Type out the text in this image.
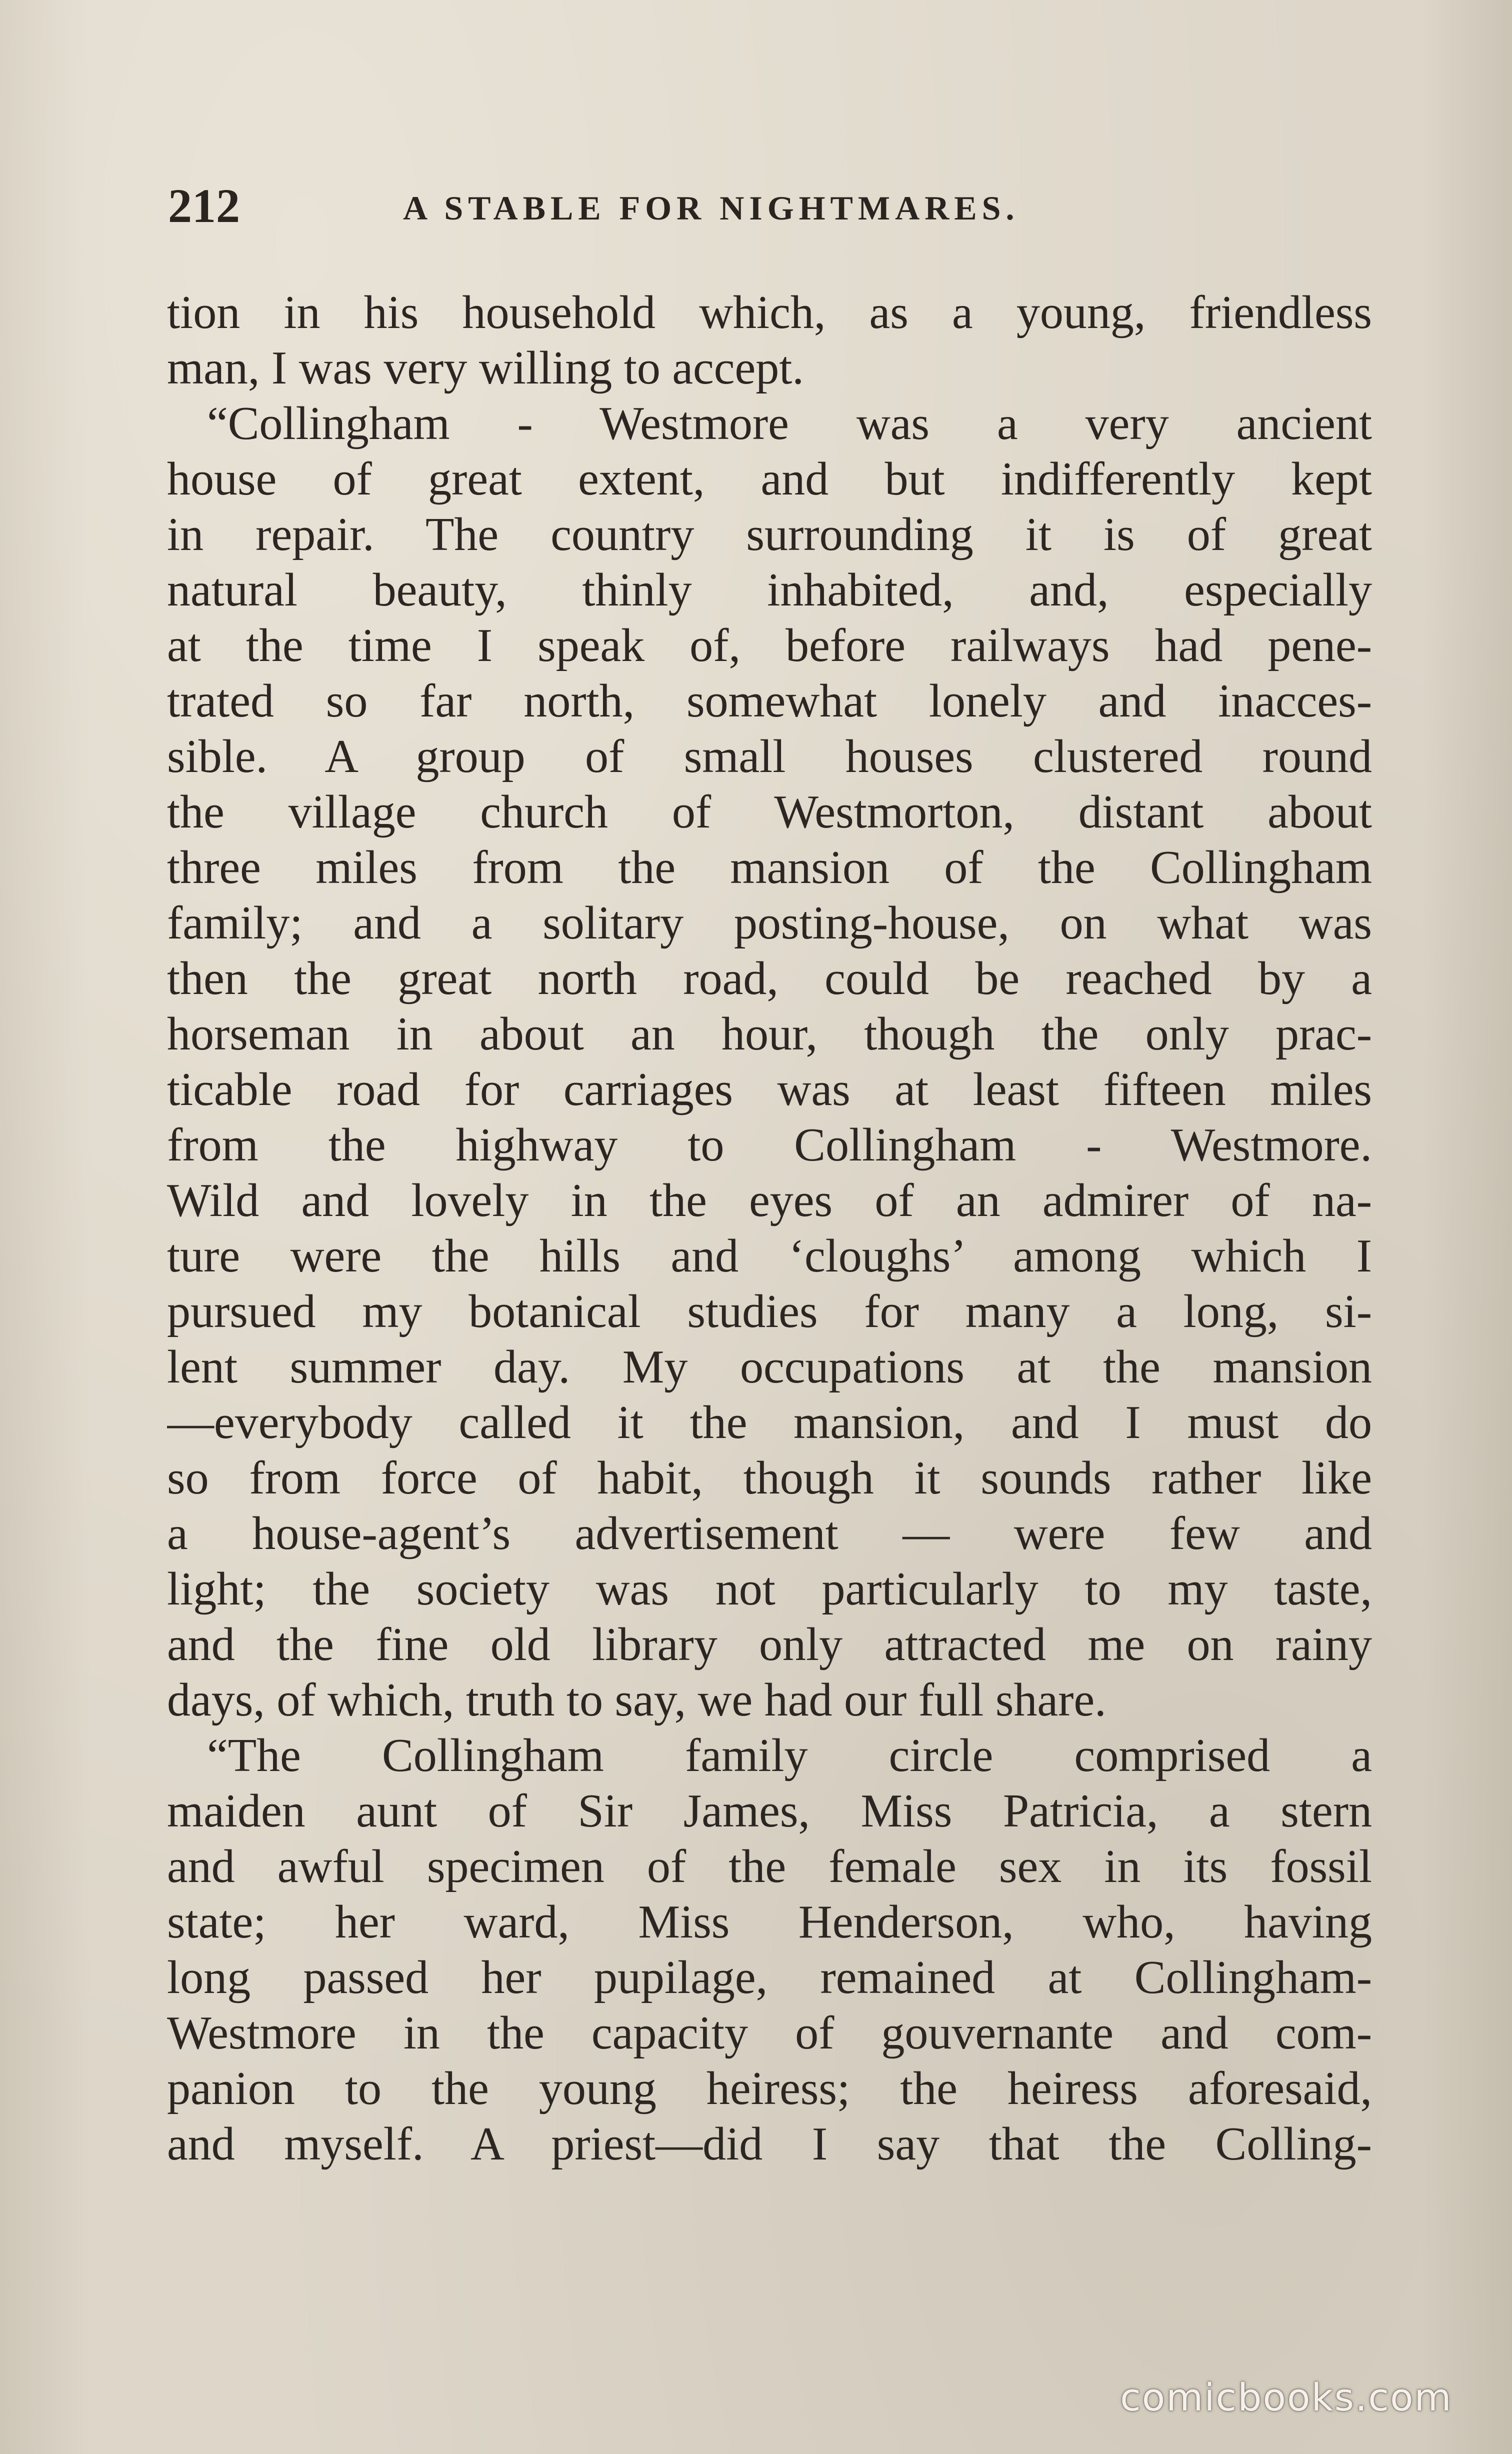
212	A STABLE FOR NIGHTMARES.
tion in his household which, as a young, friendless
man, I was very willing to accept.
“Collingham - Westmore was a very ancient
house of great extent, and but indifferently kept
in repair. The country surrounding it is of great
natural beauty, thinly inhabited, and, especially
at the time I speak of, before railways had pene-
trated so far north, somewhat lonely and inacces-
sible. A group of small houses clustered round
the village church of Westmorton, distant about
three miles from the mansion of the Collingham
family; and a solitary posting-house, on what was
then the great north road, could be reached by a
horseman in about an hour, though the only prac-
ticable road for carriages was at least fifteen miles
from the highway to Collingham - Westmore.
Wild and lovely in the eyes of an admirer of na-
ture were the hills and ‘cloughs’ among which I
pursued my botanical studies for many a long, si-
lent summer day. My occupations at the mansion
—everybody called it the mansion, and I must do
so from force of habit, though it sounds rather like
a house-agent’s advertisement — were few and
light; the society was not particularly to my taste,
and the fine old library only attracted me on rainy
days, of which, truth to say, we had our full share.
“The Collingham family circle comprised a
maiden aunt of Sir James, Miss Patricia, a stern
and awful specimen of the female sex in its fossil
state; her ward, Miss Henderson, who, having
long passed her pupilage, remained at Collingham-
Westmore in the capacity of gouvernante and com-
panion to the young heiress; the heiress aforesaid,
and myself. A priest—did I say that the Colling-
comicbooks.com
